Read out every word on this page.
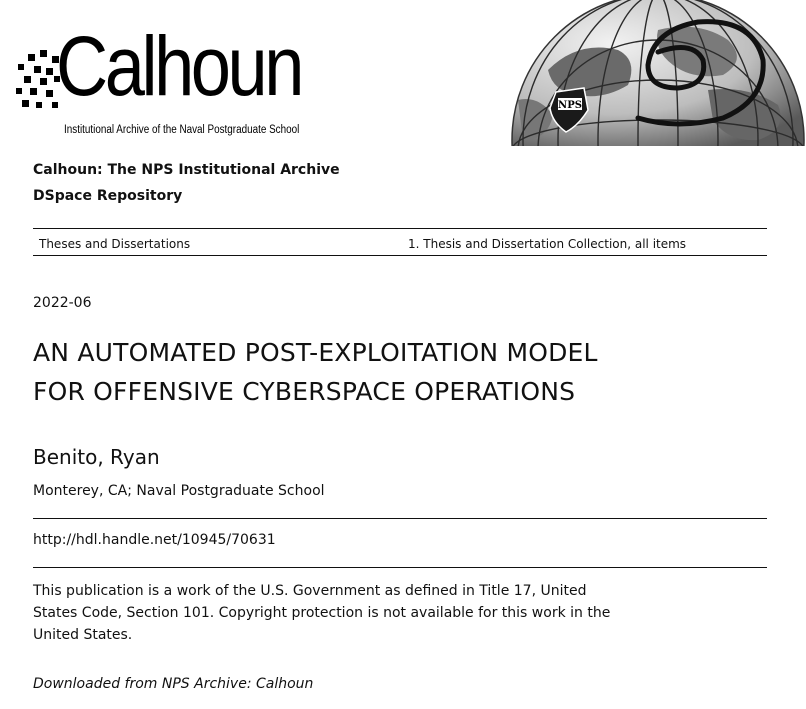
Calhoun
Institutional Archive of the Naval Postgraduate School
NPS
Calhoun: The NPS Institutional Archive
DSpace Repository
Theses and Dissertations	1. Thesis and Dissertation Collection, all items
2022-06
AN AUTOMATED POST-EXPLOITATION MODEL
FOR OFFENSIVE CYBERSPACE OPERATIONS
Benito, Ryan
Monterey, CA; Naval Postgraduate School
http://hdl.handle.net/10945/70631
This publication is a work of the U.S. Government as defined in Title 17, United
States Code, Section 101. Copyright protection is not available for this work in the
United States.
Downloaded from NPS Archive: Calhoun
